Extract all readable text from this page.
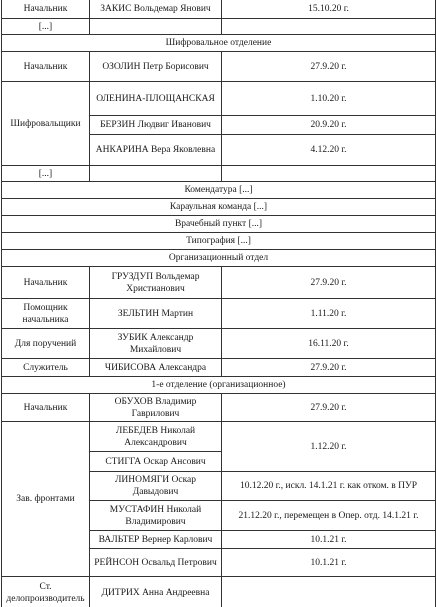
Начальник	ЗАКИС Вольдемар Янович	15.10.20 г.
[...]		
Шифровальное отделение		
Начальник	ОЗОЛИН Петр Борисович	27.9.20 г.
Шифровальщики	ОЛЕНИНА-ПЛОЩАНСКАЯ	1.10.20 г.
	БЕРЗИН Людвиг Иванович	20.9.20 г.
	АНКАРИНА Вера Яковлевна	4.12.20 г.
[...]		
Комендатура [...]		
Караульная команда [...]		
Врачебный пункт [...]		
Типография [...]		
Организационный отдел		
Начальник	ГРУЗДУП Вольдемар Христианович	27.9.20 г.
Помощник начальника	ЗЕЛЬТИН Мартин	1.11.20 г.
Для поручений	ЗУБИК Александр Михайлович	16.11.20 г.
Служитель	ЧИБИСОВА Александра	27.9.20 г.
1-е отделение (организационное)		
Начальник	ОБУХОВ Владимир Гаврилович	27.9.20 г.
Зав. фронтами	ЛЕБЕДЕВ Николай Александрович	1.12.20 г.
	СТИГГА Оскар Ансович	
	ЛИНОМЯГИ Оскар Давыдович	10.12.20 г., искл. 14.1.21 г. как отком. в ПУР
	МУСТАФИН Николай Владимирович	21.12.20 г., перемещен в Опер. отд. 14.1.21 г.
	ВАЛЬТЕР Вернер Карлович	10.1.21 г.
	РЕЙНСОН Освальд Петрович	10.1.21 г.
Ст. делопроизводитель	ДИТРИХ Анна Андреевна	
